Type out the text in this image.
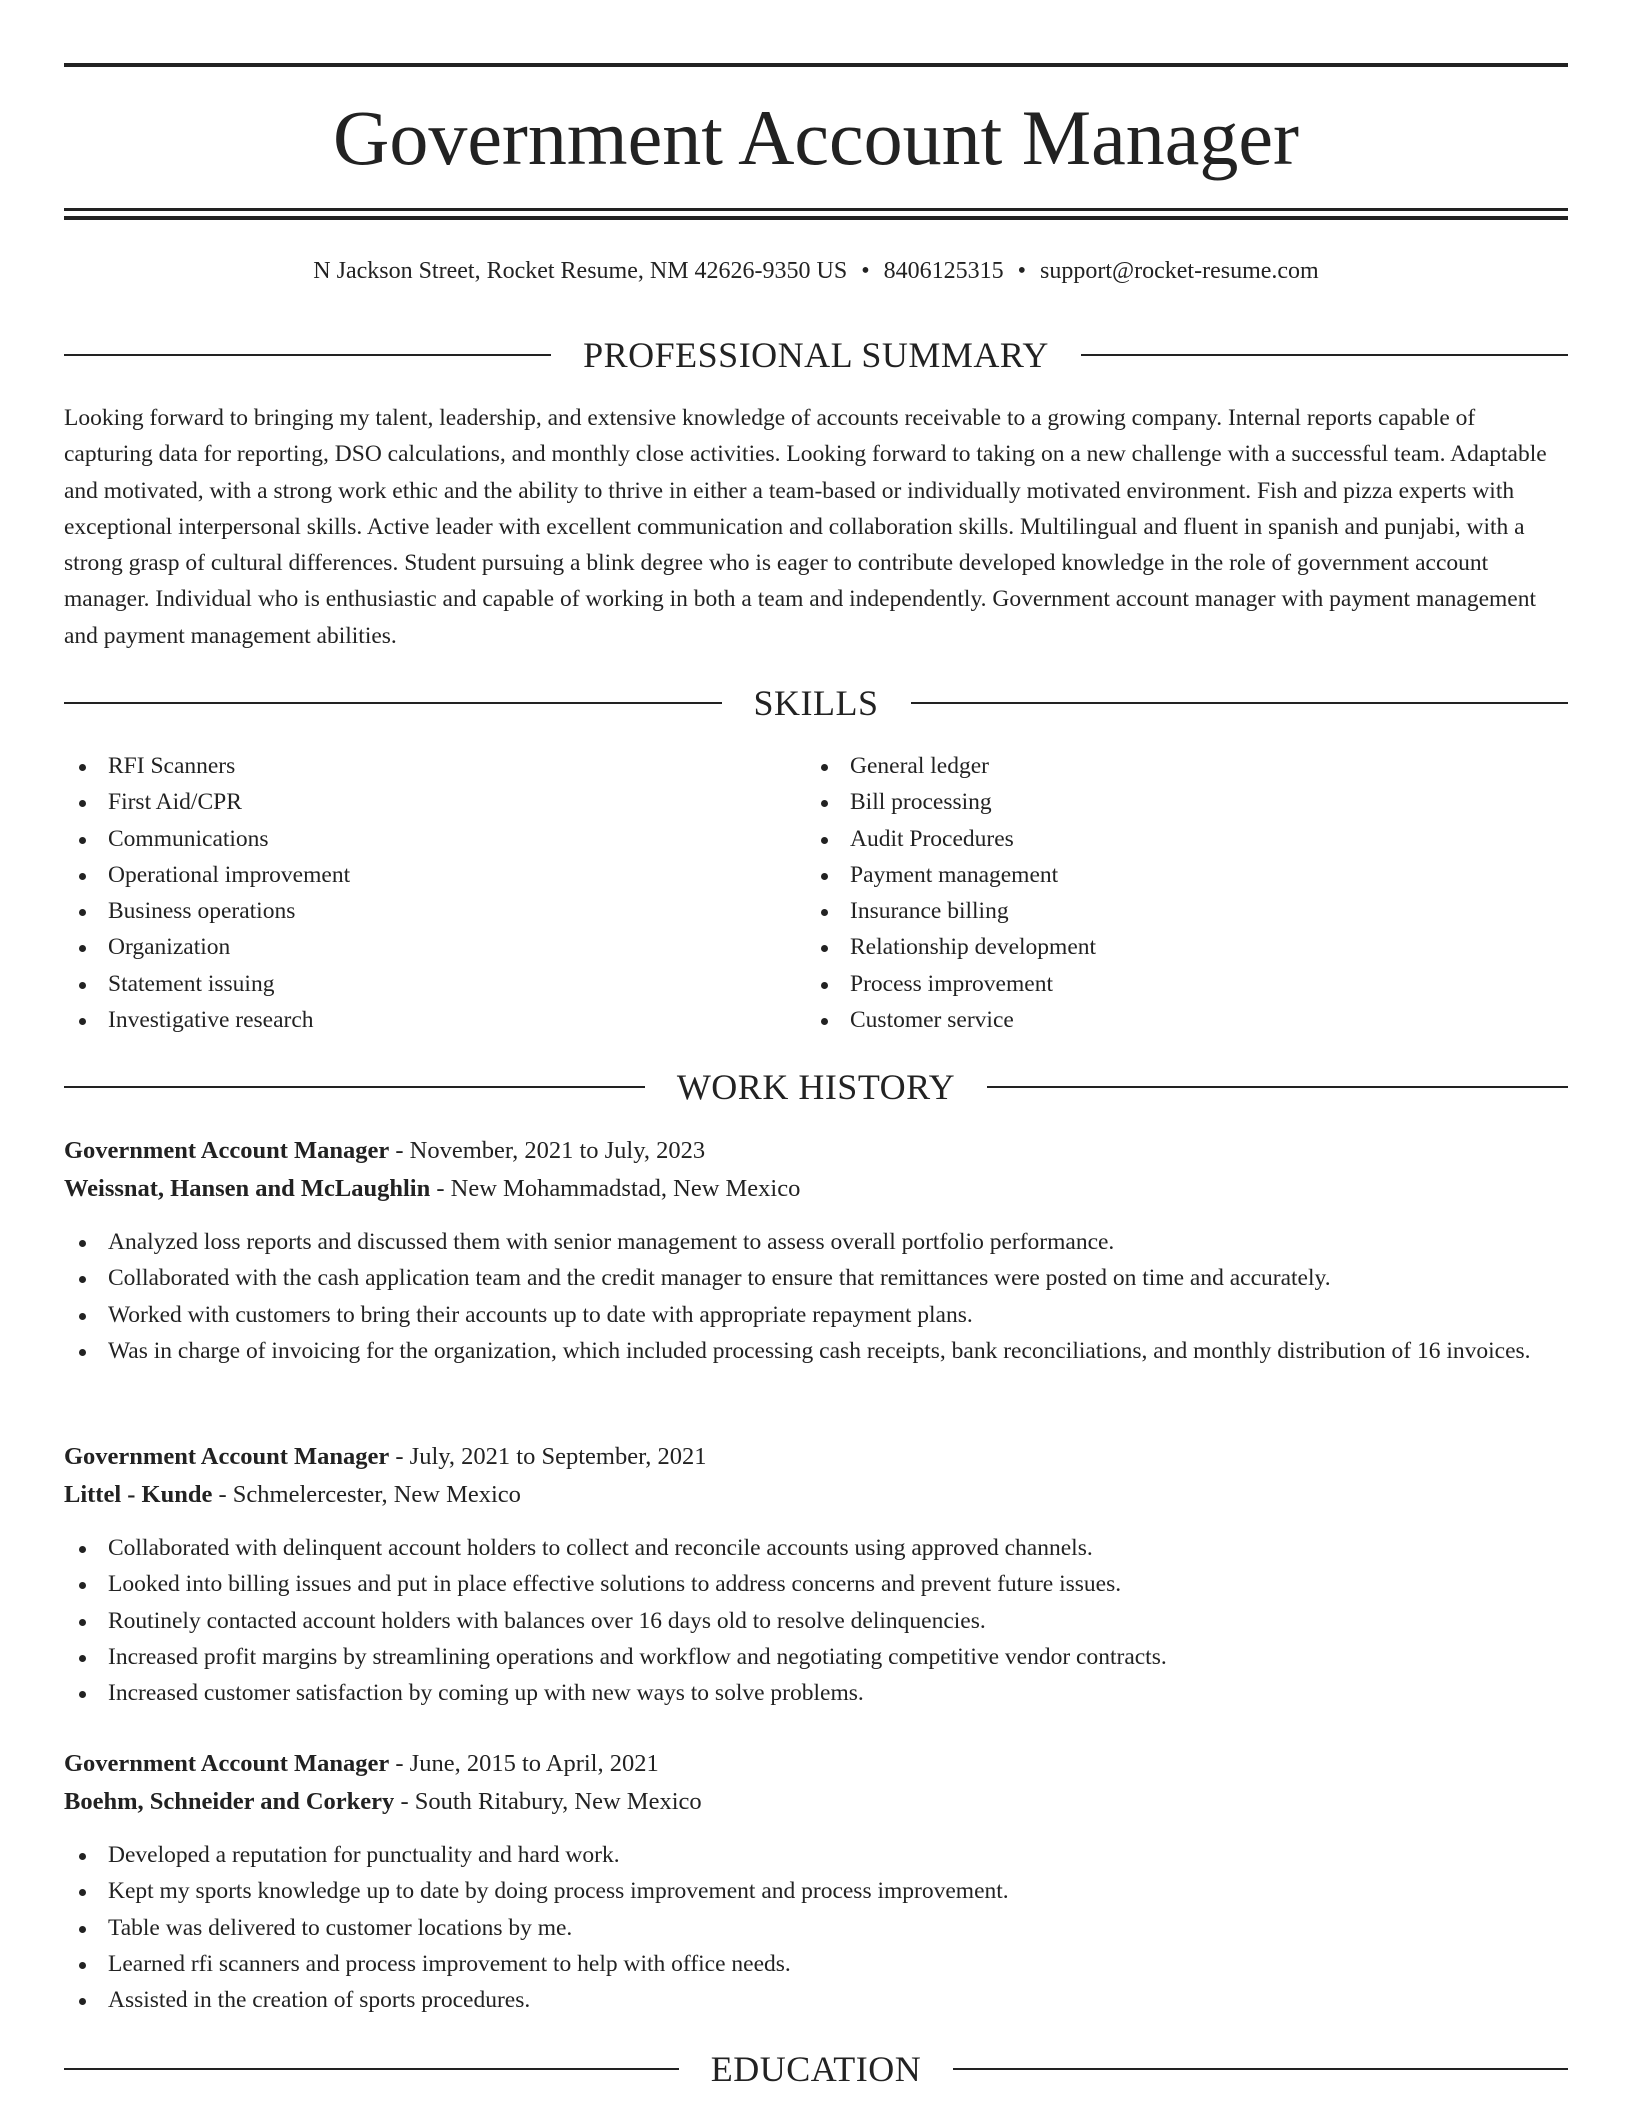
Government Account Manager
N Jackson Street, Rocket Resume, NM 42626-9350 US • 8406125315 • support@rocket-resume.com
PROFESSIONAL SUMMARY

Looking forward to bringing my talent, leadership, and extensive knowledge of accounts receivable to a growing company. Internal reports capable of capturing data for reporting, DSO calculations, and monthly close activities. Looking forward to taking on a new challenge with a successful team. Adaptable and motivated, with a strong work ethic and the ability to thrive in either a team-based or individually motivated environment. Fish and pizza experts with exceptional interpersonal skills. Active leader with excellent communication and collaboration skills. Multilingual and fluent in spanish and punjabi, with a strong grasp of cultural differences. Student pursuing a blink degree who is eager to contribute developed knowledge in the role of government account manager. Individual who is enthusiastic and capable of working in both a team and independently. Government account manager with payment management and payment management abilities.

SKILLS
RFI Scanners
First Aid/CPR
Communications
Operational improvement
Business operations
Organization
Statement issuing
Investigative research
General ledger
Bill processing
Audit Procedures
Payment management
Insurance billing
Relationship development
Process improvement
Customer service
WORK HISTORY
Government Account Manager - November, 2021 to July, 2023
Weissnat, Hansen and McLaughlin - New Mohammadstad, New Mexico
Analyzed loss reports and discussed them with senior management to assess overall portfolio performance.
Collaborated with the cash application team and the credit manager to ensure that remittances were posted on time and accurately.
Worked with customers to bring their accounts up to date with appropriate repayment plans.
Was in charge of invoicing for the organization, which included processing cash receipts, bank reconciliations, and monthly distribution of 16 invoices.
Government Account Manager - July, 2021 to September, 2021
Littel - Kunde - Schmelercester, New Mexico
Collaborated with delinquent account holders to collect and reconcile accounts using approved channels.
Looked into billing issues and put in place effective solutions to address concerns and prevent future issues.
Routinely contacted account holders with balances over 16 days old to resolve delinquencies.
Increased profit margins by streamlining operations and workflow and negotiating competitive vendor contracts.
Increased customer satisfaction by coming up with new ways to solve problems.
Government Account Manager - June, 2015 to April, 2021
Boehm, Schneider and Corkery - South Ritabury, New Mexico
Developed a reputation for punctuality and hard work.
Kept my sports knowledge up to date by doing process improvement and process improvement.
Table was delivered to customer locations by me.
Learned rfi scanners and process improvement to help with office needs.
Assisted in the creation of sports procedures.
EDUCATION
